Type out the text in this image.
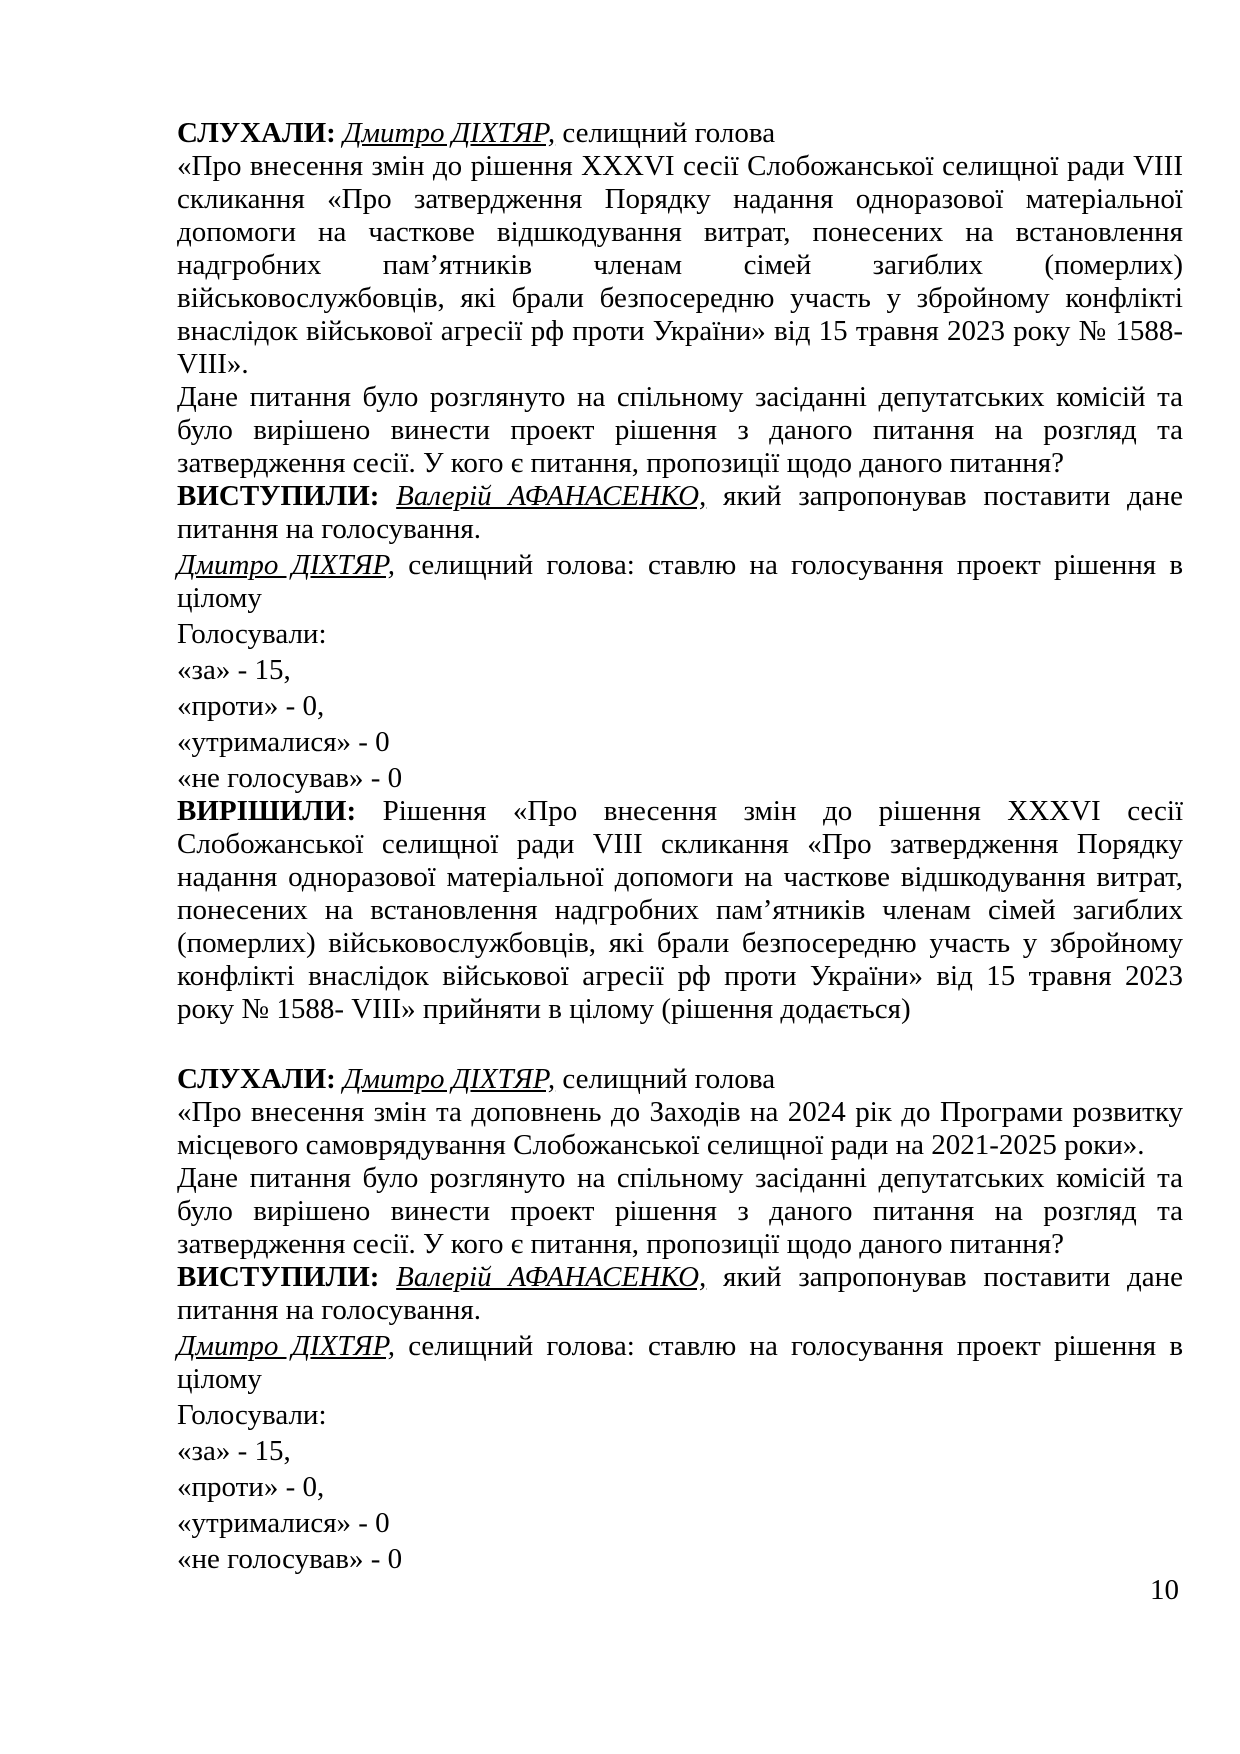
СЛУХАЛИ: Дмитро ДІХТЯР, селищний голова
«Про внесення змін до рішення XXXVI сесії Слобожанської селищної ради VIII
скликання «Про затвердження Порядку надання одноразової матеріальної
допомоги на часткове відшкодування витрат, понесених на встановлення
надгробних пам’ятників членам сімей загиблих (померлих)
військовослужбовців, які брали безпосередню участь у збройному конфлікті
внаслідок військової агресії рф проти України» від 15 травня 2023 року № 1588-
VIII».
Дане питання було розглянуто на спільному засіданні депутатських комісій та
було вирішено винести проект рішення з даного питання на розгляд та
затвердження сесії. У кого є питання, пропозиції щодо даного питання?
ВИСТУПИЛИ: Валерій АФАНАСЕНКО, який запропонував поставити дане
питання на голосування.
Дмитро ДІХТЯР, селищний голова: ставлю на голосування проект рішення в
цілому
Голосували:
«за» - 15,
«проти» - 0,
«утрималися» - 0
«не голосував» - 0
ВИРІШИЛИ: Рішення «Про внесення змін до рішення XXXVI сесії
Слобожанської селищної ради VIII скликання «Про затвердження Порядку
надання одноразової матеріальної допомоги на часткове відшкодування витрат,
понесених на встановлення надгробних пам’ятників членам сімей загиблих
(померлих) військовослужбовців, які брали безпосередню участь у збройному
конфлікті внаслідок військової агресії рф проти України» від 15 травня 2023
року № 1588- VIII» прийняти в цілому (рішення додається)
СЛУХАЛИ: Дмитро ДІХТЯР, селищний голова
«Про внесення змін та доповнень до Заходів на 2024 рік до Програми розвитку
місцевого самоврядування Слобожанської селищної ради на 2021-2025 роки».
Дане питання було розглянуто на спільному засіданні депутатських комісій та
було вирішено винести проект рішення з даного питання на розгляд та
затвердження сесії. У кого є питання, пропозиції щодо даного питання?
ВИСТУПИЛИ: Валерій АФАНАСЕНКО, який запропонував поставити дане
питання на голосування.
Дмитро ДІХТЯР, селищний голова: ставлю на голосування проект рішення в
цілому
Голосували:
«за» - 15,
«проти» - 0,
«утрималися» - 0
«не голосував» - 0
10
